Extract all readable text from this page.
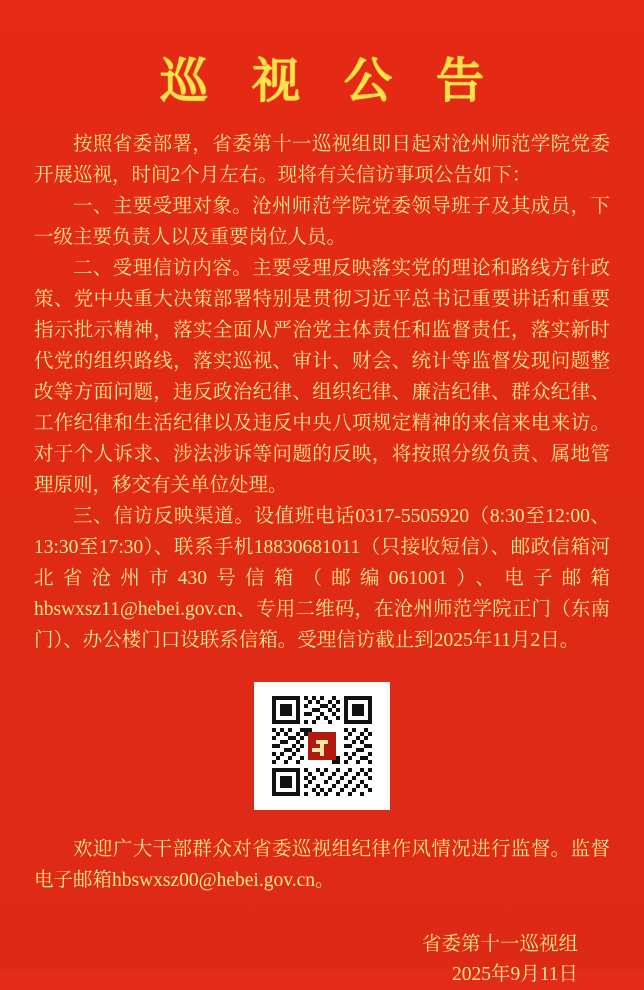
巡 视 公 告

按照省委部署，省委第十一巡视组即日起对沧州师范学院党委开展巡视，时间2个月左右。现将有关信访事项公告如下：

一、主要受理对象。沧州师范学院党委领导班子及其成员，下一级主要负责人以及重要岗位人员。

二、受理信访内容。主要受理反映落实党的理论和路线方针政策、党中央重大决策部署特别是贯彻习近平总书记重要讲话和重要指示批示精神，落实全面从严治党主体责任和监督责任，落实新时代党的组织路线，落实巡视、审计、财会、统计等监督发现问题整改等方面问题，违反政治纪律、组织纪律、廉洁纪律、群众纪律、工作纪律和生活纪律以及违反中央八项规定精神的来信来电来访。对于个人诉求、涉法涉诉等问题的反映，将按照分级负责、属地管理原则，移交有关单位处理。

三、信访反映渠道。设值班电话0317-5505920（8:30至12:00、13:30至17:30）、联系手机18830681011（只接收短信）、邮政信箱河北省沧州市430号信箱（邮编061001）、电子邮箱hbswxsz11@hebei.gov.cn、专用二维码，在沧州师范学院正门（东南门）、办公楼门口设联系信箱。受理信访截止到2025年11月2日。

欢迎广大干部群众对省委巡视组纪律作风情况进行监督。监督电子邮箱hbswxsz00@hebei.gov.cn。

省委第十一巡视组
2025年9月11日
